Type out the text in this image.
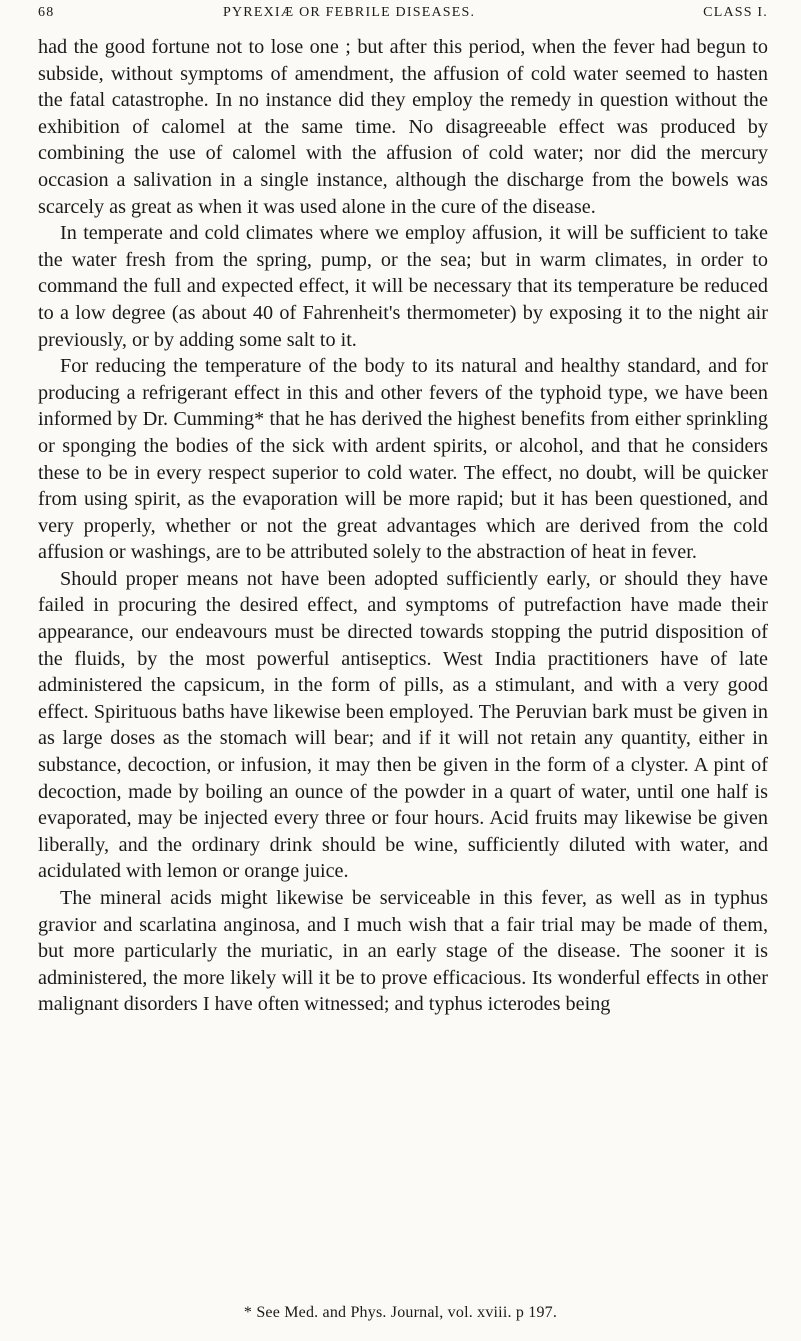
68	PYREXIÆ OR FEBRILE DISEASES.	CLASS I.

had the good fortune not to lose one ; but after this period, when the fever had begun to subside, without symptoms of amendment, the affusion of cold water seemed to hasten the fatal catastrophe. In no instance did they employ the remedy in question without the exhibition of calomel at the same time. No disagreeable effect was produced by combining the use of calomel with the affusion of cold water; nor did the mercury occasion a salivation in a single instance, although the discharge from the bowels was scarcely as great as when it was used alone in the cure of the disease.

In temperate and cold climates where we employ affusion, it will be sufficient to take the water fresh from the spring, pump, or the sea; but in warm climates, in order to command the full and expected effect, it will be necessary that its temperature be reduced to a low degree (as about 40 of Fahrenheit's thermometer) by exposing it to the night air previously, or by adding some salt to it.

For reducing the temperature of the body to its natural and healthy standard, and for producing a refrigerant effect in this and other fevers of the typhoid type, we have been informed by Dr. Cumming* that he has derived the highest benefits from either sprinkling or sponging the bodies of the sick with ardent spirits, or alcohol, and that he considers these to be in every respect superior to cold water. The effect, no doubt, will be quicker from using spirit, as the evaporation will be more rapid; but it has been questioned, and very properly, whether or not the great advantages which are derived from the cold affusion or washings, are to be attributed solely to the abstraction of heat in fever.

Should proper means not have been adopted sufficiently early, or should they have failed in procuring the desired effect, and symptoms of putrefaction have made their appearance, our endeavours must be directed towards stopping the putrid disposition of the fluids, by the most powerful antiseptics. West India practitioners have of late administered the capsicum, in the form of pills, as a stimulant, and with a very good effect. Spirituous baths have likewise been employed. The Peruvian bark must be given in as large doses as the stomach will bear; and if it will not retain any quantity, either in substance, decoction, or infusion, it may then be given in the form of a clyster. A pint of decoction, made by boiling an ounce of the powder in a quart of water, until one half is evaporated, may be injected every three or four hours. Acid fruits may likewise be given liberally, and the ordinary drink should be wine, sufficiently diluted with water, and acidulated with lemon or orange juice.

The mineral acids might likewise be serviceable in this fever, as well as in typhus gravior and scarlatina anginosa, and I much wish that a fair trial may be made of them, but more particularly the muriatic, in an early stage of the disease. The sooner it is administered, the more likely will it be to prove efficacious. Its wonderful effects in other malignant disorders I have often witnessed; and typhus icterodes being

* See Med. and Phys. Journal, vol. xviii. p 197.
